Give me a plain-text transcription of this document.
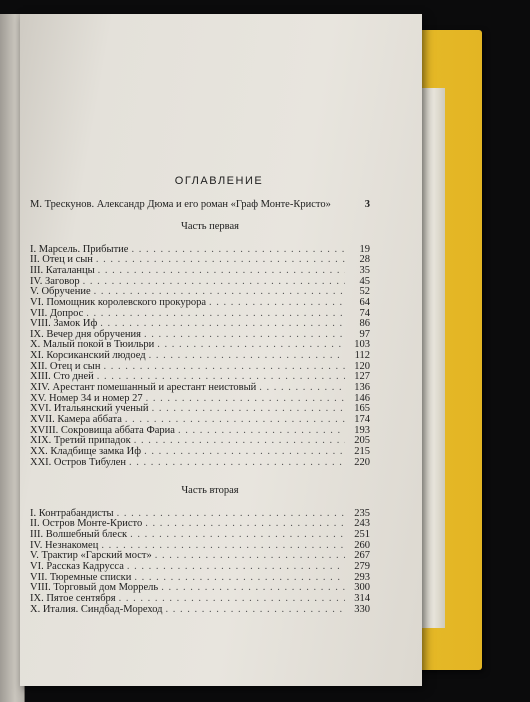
ОГЛАВЛЕНИЕ
М. Трескунов. Александр Дюма и его роман «Граф Монте-Кристо»	3
Часть первая
I. Марсель. Прибытие . . .	19
II. Отец и сын . . .	28
III. Каталанцы . . .	35
IV. Заговор . . .	45
V. Обручение . . .	52
VI. Помощник королевского прокурора . . .	64
VII. Допрос . . .	74
VIII. Замок Иф . . .	86
IX. Вечер дня обручения . . .	97
X. Малый покой в Тюильри . . .	103
XI. Корсиканский людоед . . .	112
XII. Отец и сын . . .	120
XIII. Сто дней . . .	127
XIV. Арестант помешанный и арестант неистовый . . .	136
XV. Номер 34 и номер 27 . . .	146
XVI. Итальянский ученый . . .	165
XVII. Камера аббата . . .	174
XVIII. Сокровища аббата Фариа . . .	193
XIX. Третий припадок . . .	205
XX. Кладбище замка Иф . . .	215
XXI. Остров Тибулен . . .	220
Часть вторая
I. Контрабандисты . . .	235
II. Остров Монте-Кристо . . .	243
III. Волшебный блеск . . .	251
IV. Незнакомец . . .	260
V. Трактир «Гарский мост» . . .	267
VI. Рассказ Кадрусса . . .	279
VII. Тюремные списки . . .	293
VIII. Торговый дом Моррель . . .	300
IX. Пятое сентября . . .	314
X. Италия. Синдбад-Мореход . . .	330
